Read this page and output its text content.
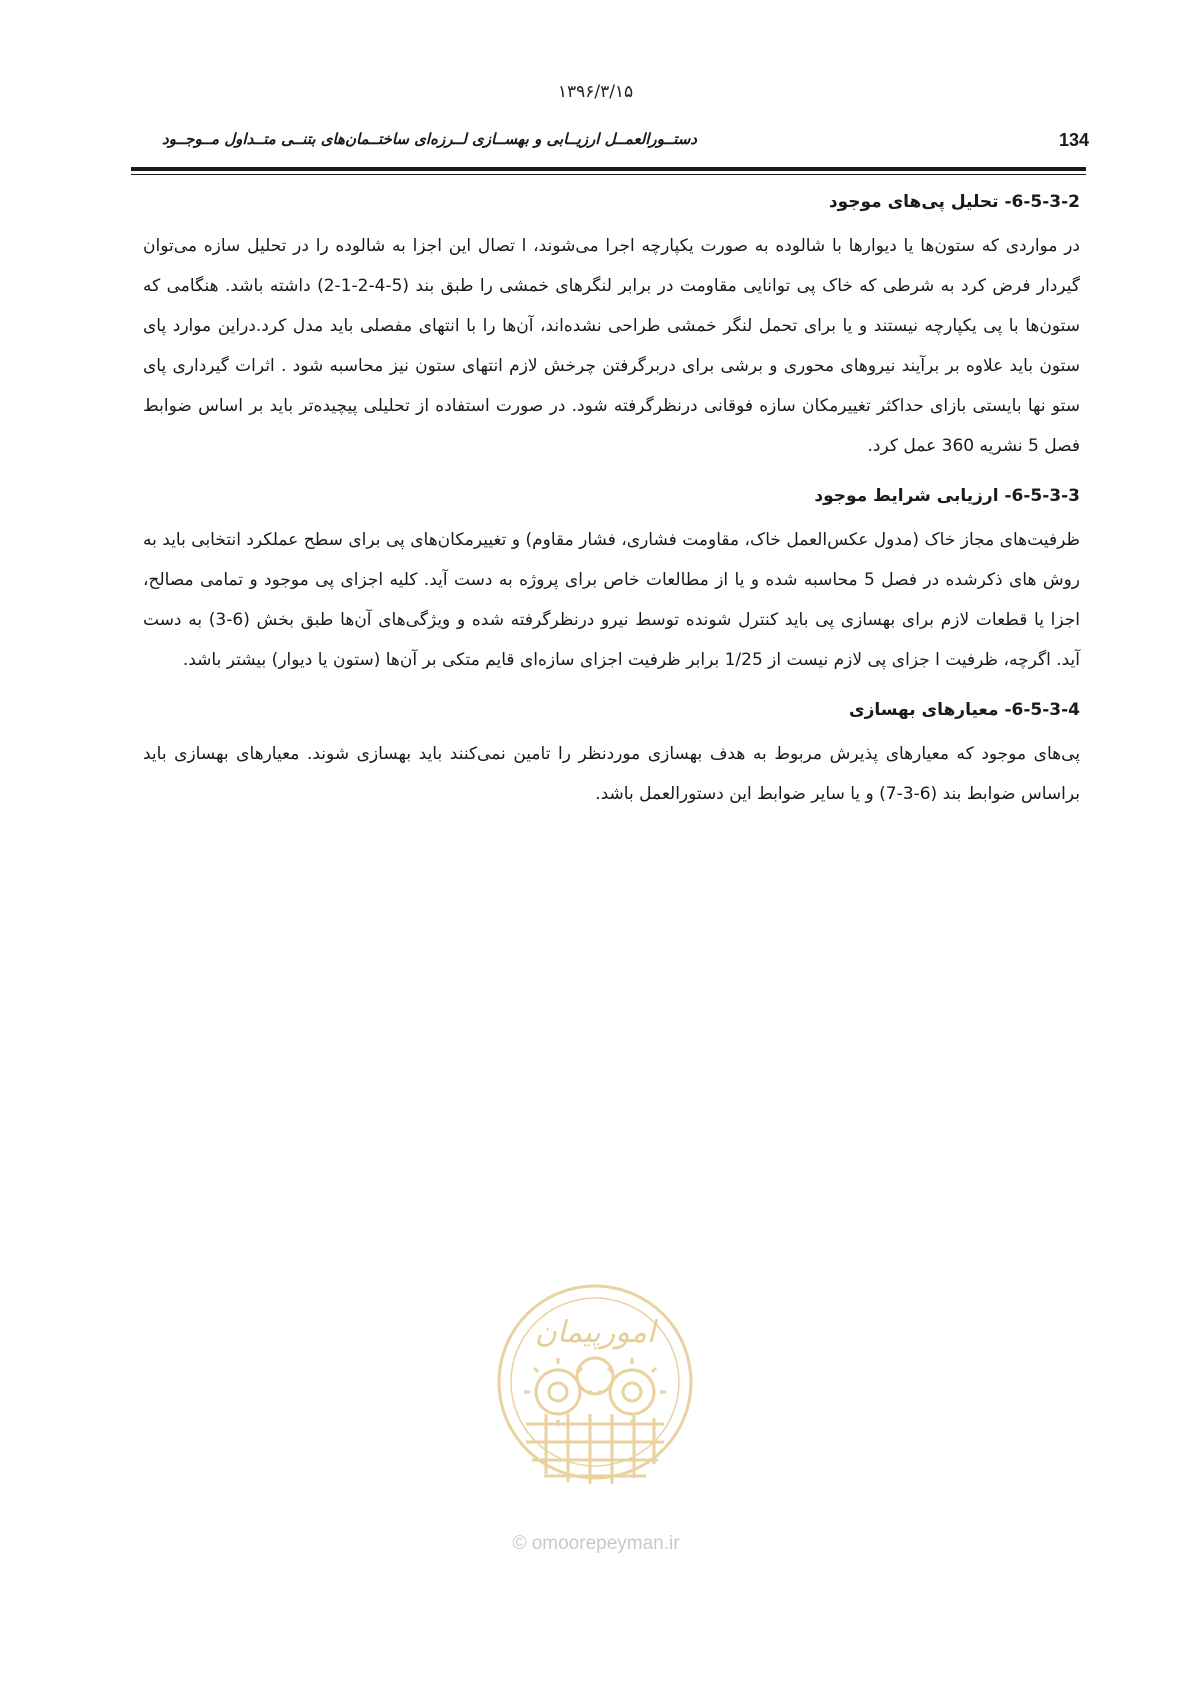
۱۳۹۶/۳/۱۵
134
دستــورالعمــل ارزیــابی و بهســازی لــرزه‌ای ساختــمان‌های بتنــی متــداول مــوجــود
6-5-3-2- تحلیل پی‌های موجود

در مواردی که ستون‌ها یا دیوارها با شالوده به صورت یکپارچه اجرا می‌شوند، ا تصال این اجزا به شالوده را در تحلیل سازه می‌توان گیردار فرض کرد به شرطی که خاک پی توانایی مقاومت در برابر لنگرهای خمشی را طبق بند (5-4-2-1-2) داشته باشد. هنگامی که ستون‌ها با پی یکپارچه نیستند و یا برای تحمل لنگر خمشی طراحی نشده‌اند، آن‌ها را با انتهای مفصلی باید مدل کرد.دراین موارد پای ستون باید علاوه بر برآیند نیروهای محوری و برشی برای دربرگرفتن چرخش لازم انتهای ستون نیز محاسبه شود . اثرات گیرداری پای ستو نها بایستی بازای حداکثر تغییرمکان سازه فوقانی درنظرگرفته شود. در صورت استفاده از تحلیلی پیچیده‌تر باید بر اساس ضوابط فصل 5 نشریه 360 عمل کرد.

6-5-3-3- ارزیابی شرایط موجود

ظرفیت‌های مجاز خاک (مدول عکس‌العمل خاک، مقاومت فشاری، فشار مقاوم) و تغییرمکان‌های پی برای سطح عملکرد انتخابی باید به روش های ذکرشده در فصل 5 محاسبه شده و یا از مطالعات خاص برای پروژه به دست آید. کلیه اجزای پی موجود و تمامی مصالح، اجزا یا قطعات لازم برای بهسازی پی باید کنترل شونده توسط نیرو درنظرگرفته شده و ویژگی‌های آن‌ها طبق بخش (6-3) به دست آید. اگرچه، ظرفیت ا جزای پی لازم نیست از 1/25 برابر ظرفیت اجزای سازه‌ای قایم متکی بر آن‌ها (ستون یا دیوار) بیشتر باشد.

6-5-3-4- معیارهای بهسازی

پی‌های موجود که معیارهای پذیرش مربوط به هدف بهسازی موردنظر را تامین نمی‌کنند باید بهسازی شوند. معیارهای بهسازی باید براساس ضوابط بند (6-3-7) و یا سایر ضوابط این دستورالعمل باشد.

امورپیمان
© omoorepeyman.ir
